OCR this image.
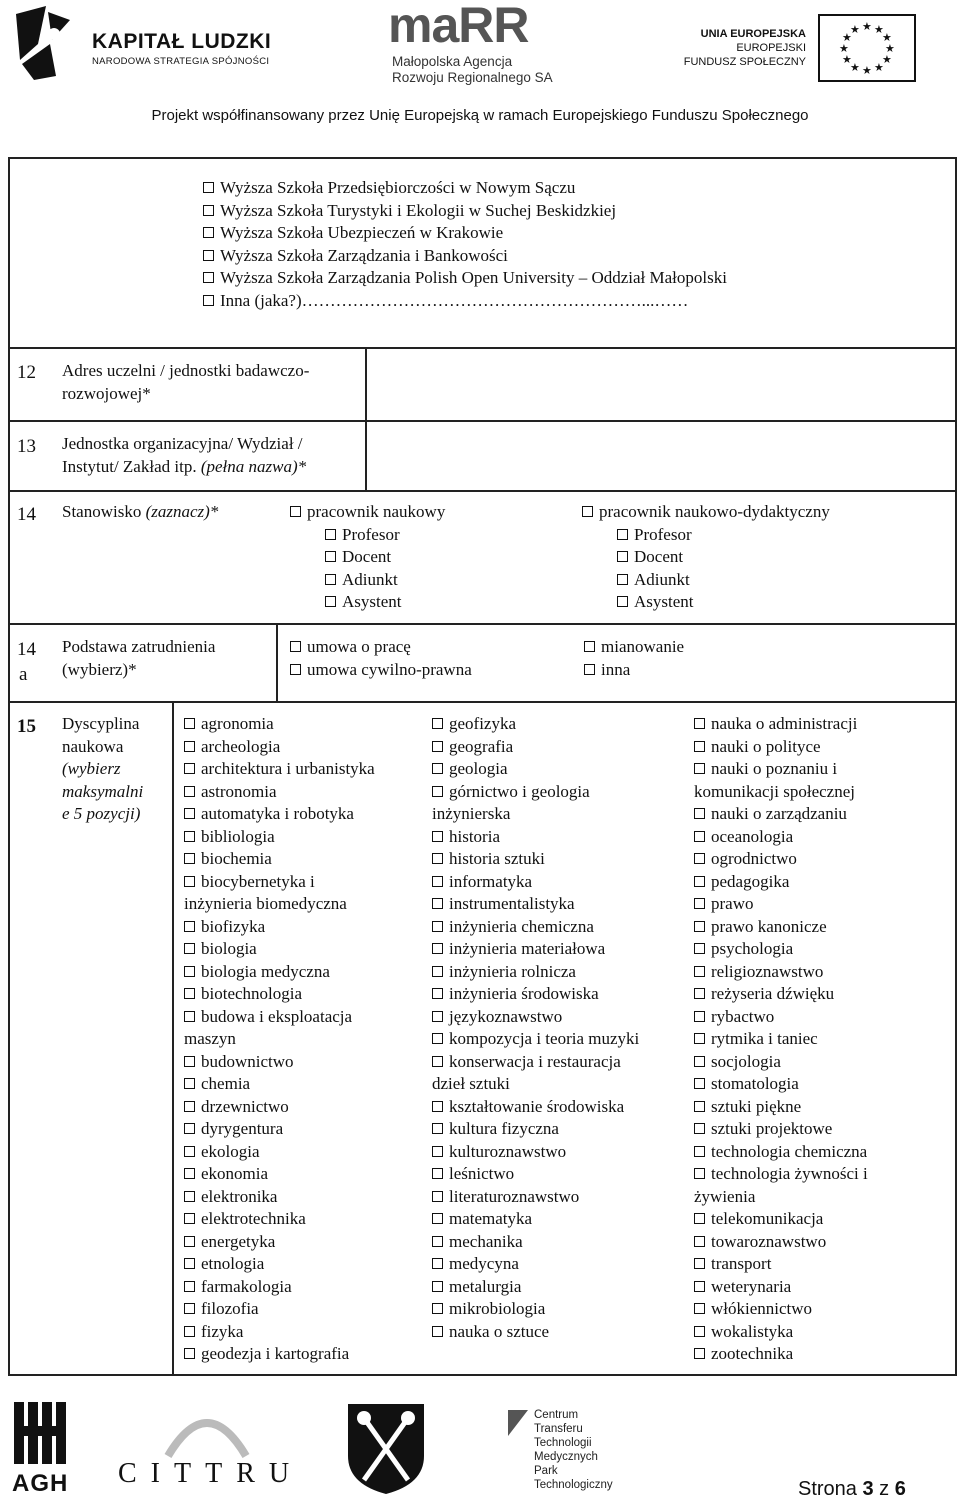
KAPITAŁ LUDZKI
NARODOWA STRATEGIA SPÓJNOŚCI
maRR
Małopolska Agencja
Rozwoju Regionalnego SA
UNIA EUROPEJSKA
EUROPEJSKI
FUNDUSZ SPOŁECZNY
★ ★
★
★
★
★
★
★
★
★
★
★
Projekt współfinansowany przez Unię Europejską w ramach Europejskiego Funduszu Społecznego
Wyższa Szkoła Przedsiębiorczości w Nowym Sączu
Wyższa Szkoła Turystyki i Ekologii w Suchej Beskidzkiej
Wyższa Szkoła Ubezpieczeń w Krakowie
Wyższa Szkoła Zarządzania i Bankowości
Wyższa Szkoła Zarządzania Polish Open University – Oddział Małopolski
Inna (jaka?)……………………………………………………...……
12 Adres uczelni / jednostki badawczo-
rozwojowej*
13 Jednostka organizacyjna/ Wydział /
Instytut/ Zakład itp. (pełna nazwa)*
14 Stanowisko (zaznacz)*	pracownik naukowy
Profesor
Docent
Adiunkt
Asystent
pracownik naukowo-dydaktyczny
Profesor
Docent
Adiunkt
Asystent
14
a
Podstawa zatrudnienia
(wybierz)*
umowa o pracę
umowa cywilno-prawna
mianowanie
inna
15 Dyscyplina
naukowa
(wybierz
maksymalni
e 5 pozycji)
agronomia
archeologia
architektura i urbanistyka
astronomia
automatyka i robotyka
bibliologia
biochemia
biocybernetyka i
inżynieria biomedyczna
biofizyka
biologia
biologia medyczna
biotechnologia
budowa i eksploatacja
maszyn
budownictwo
chemia
drzewnictwo
dyrygentura
ekologia
ekonomia
elektronika
elektrotechnika
energetyka
etnologia
farmakologia
filozofia
fizyka
geodezja i kartografia
geofizyka
geografia
geologia
górnictwo i geologia
inżynierska
historia
historia sztuki
informatyka
instrumentalistyka
inżynieria chemiczna
inżynieria materiałowa
inżynieria rolnicza
inżynieria środowiska
językoznawstwo
kompozycja i teoria muzyki
konserwacja i restauracja
dzieł sztuki
kształtowanie środowiska
kultura fizyczna
kulturoznawstwo
leśnictwo
literaturoznawstwo
matematyka
mechanika
medycyna
metalurgia
mikrobiologia
nauka o sztuce
nauka o administracji
nauki o polityce
nauki o poznaniu i
komunikacji społecznej
nauki o zarządzaniu
oceanologia
ogrodnictwo
pedagogika
prawo
prawo kanonicze
psychologia
religioznawstwo
reżyseria dźwięku
rybactwo
rytmika i taniec
socjologia
stomatologia
sztuki piękne
sztuki projektowe
technologia chemiczna
technologia żywności i
żywienia
telekomunikacja
towaroznawstwo
transport
weterynaria
włókiennictwo
wokalistyka
zootechnika
AGH CITTRU
Centrum
Transferu
Technologii
Medycznych
Park
Technologiczny	Strona 3 z 6
